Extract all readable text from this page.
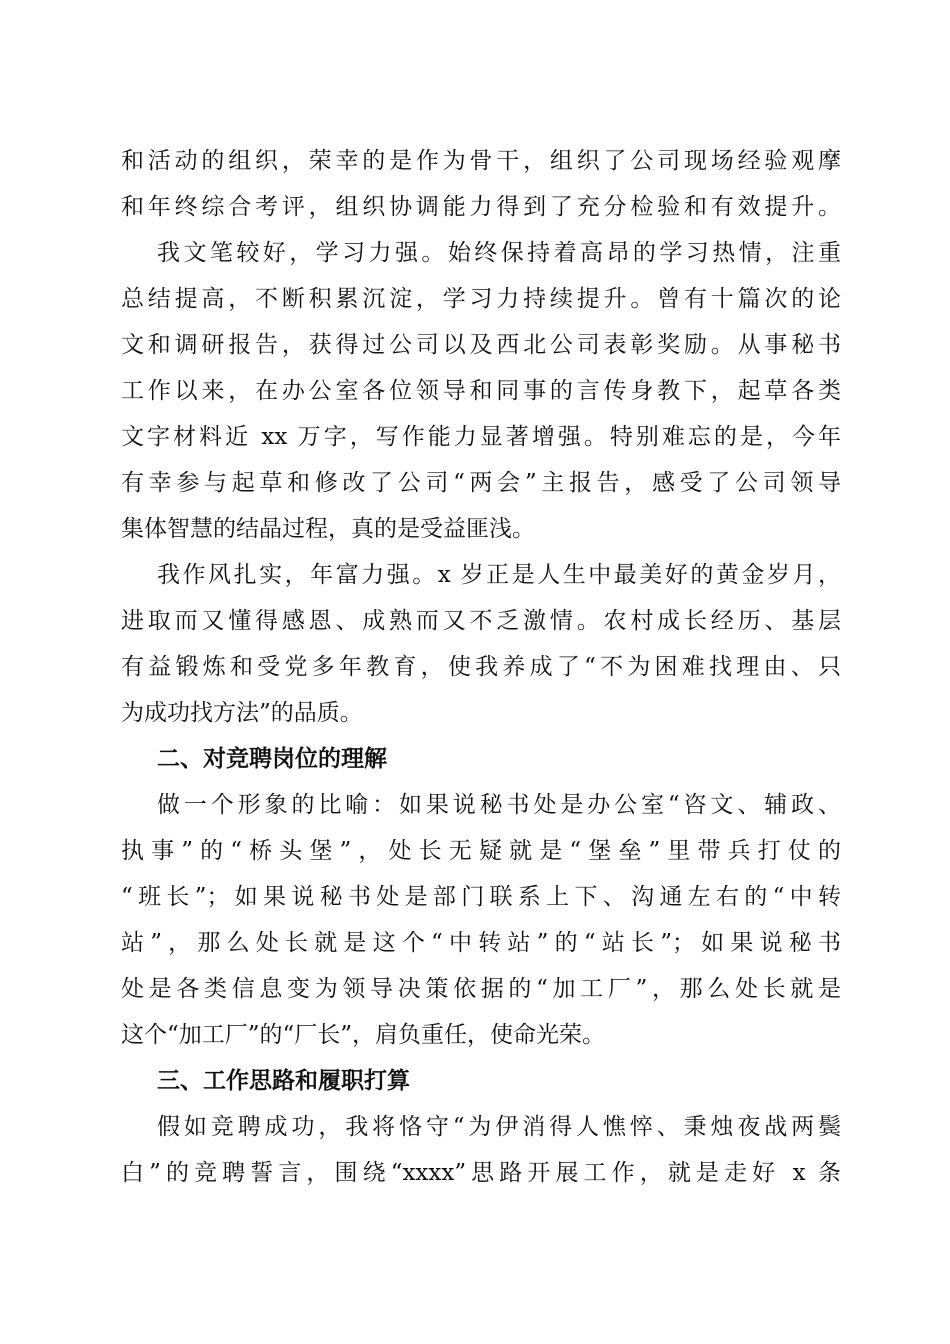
和活动的组织，荣幸的是作为骨干，组织了公司现场经验观摩
和年终综合考评，组织协调能力得到了充分检验和有效提升。
我文笔较好，学习力强。始终保持着高昂的学习热情，注重
总结提高，不断积累沉淀，学习力持续提升。曾有十篇次的论
文和调研报告，获得过公司以及西北公司表彰奖励。从事秘书
工作以来，在办公室各位领导和同事的言传身教下，起草各类
文字材料近 xx 万字，写作能力显著增强。特别难忘的是，今年
有幸参与起草和修改了公司“两会”主报告，感受了公司领导
集体智慧的结晶过程，真的是受益匪浅。
我作风扎实，年富力强。x 岁正是人生中最美好的黄金岁月，
进取而又懂得感恩、成熟而又不乏激情。农村成长经历、基层
有益锻炼和受党多年教育，使我养成了“不为困难找理由、只
为成功找方法”的品质。
二、对竞聘岗位的理解
做一个形象的比喻：如果说秘书处是办公室“咨文、辅政、
执事”的“桥头堡”，处长无疑就是“堡垒”里带兵打仗的
“班长”；如果说秘书处是部门联系上下、沟通左右的“中转
站”，那么处长就是这个“中转站”的“站长”；如果说秘书
处是各类信息变为领导决策依据的“加工厂”，那么处长就是
这个“加工厂”的“厂长”，肩负重任，使命光荣。
三、工作思路和履职打算
假如竞聘成功，我将恪守“为伊消得人憔悴、秉烛夜战两鬓
白”的竞聘誓言，围绕“xxxx”思路开展工作，就是走好 x 条
